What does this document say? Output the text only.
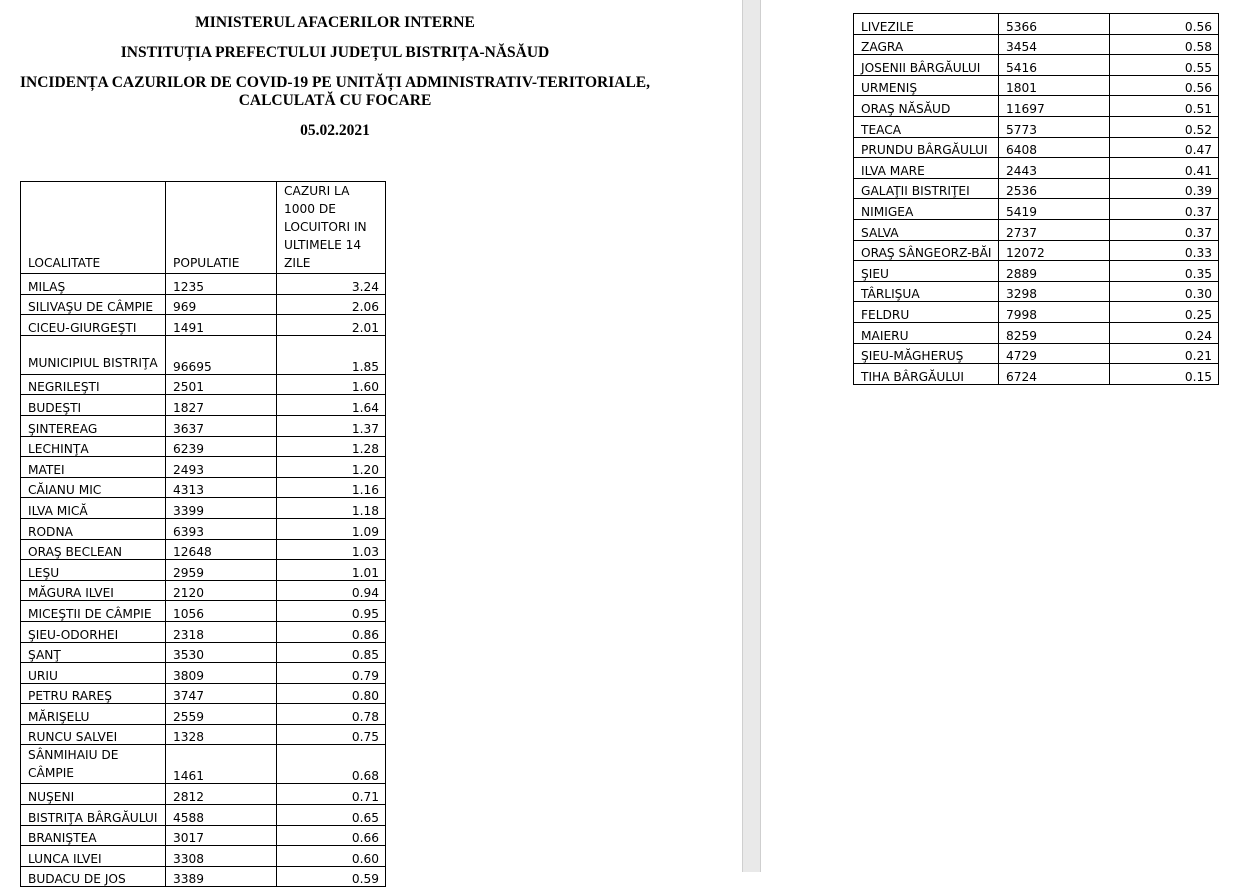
MINISTERUL AFACERILOR INTERNE
INSTITUȚIA PREFECTULUI JUDEȚUL BISTRIȚA-NĂSĂUD
INCIDENȚA CAZURILOR DE COVID-19 PE UNITĂȚI ADMINISTRATIV-TERITORIALE,
CALCULATĂ CU FOCARE
05.02.2021
LOCALITATE	POPULATIE	CAZURI LA 1000 DE LOCUITORI IN ULTIMELE 14 ZILE
MILAŞ	1235	3.24
SILIVAŞU DE CÂMPIE	969	2.06
CICEU-GIURGEŞTI	1491	2.01
MUNICIPIUL BISTRIŢA	96695	1.85
NEGRILEŞTI	2501	1.60
BUDEŞTI	1827	1.64
ŞINTEREAG	3637	1.37
LECHINŢA	6239	1.28
MATEI	2493	1.20
CĂIANU MIC	4313	1.16
ILVA MICĂ	3399	1.18
RODNA	6393	1.09
ORAŞ BECLEAN	12648	1.03
LEŞU	2959	1.01
MĂGURA ILVEI	2120	0.94
MICEŞTII DE CÂMPIE	1056	0.95
ŞIEU-ODORHEI	2318	0.86
ŞANŢ	3530	0.85
URIU	3809	0.79
PETRU RAREŞ	3747	0.80
MĂRIŞELU	2559	0.78
RUNCU SALVEI	1328	0.75
SÂNMIHAIU DE CÂMPIE	1461	0.68
NUŞENI	2812	0.71
BISTRIŢA BÂRGĂULUI	4588	0.65
BRANIŞTEA	3017	0.66
LUNCA ILVEI	3308	0.60
BUDACU DE JOS	3389	0.59
LIVEZILE	5366	0.56
ZAGRA	3454	0.58
JOSENII BÂRGĂULUI	5416	0.55
URMENIŞ	1801	0.56
ORAŞ NĂSĂUD	11697	0.51
TEACA	5773	0.52
PRUNDU BÂRGĂULUI	6408	0.47
ILVA MARE	2443	0.41
GALAŢII BISTRIŢEI	2536	0.39
NIMIGEA	5419	0.37
SALVA	2737	0.37
ORAŞ SÂNGEORZ-BĂI	12072	0.33
ŞIEU	2889	0.35
TÂRLIŞUA	3298	0.30
FELDRU	7998	0.25
MAIERU	8259	0.24
ŞIEU-MĂGHERUŞ	4729	0.21
TIHA BÂRGĂULUI	6724	0.15
